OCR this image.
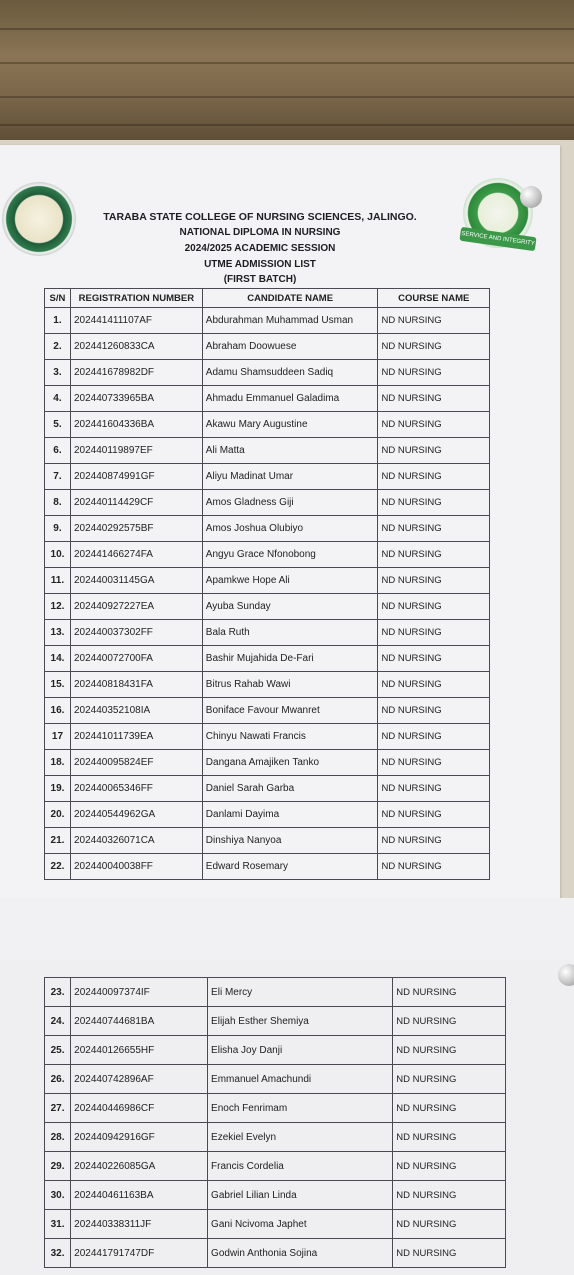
SERVICE AND INTEGRITY
TARABA STATE COLLEGE OF NURSING SCIENCES, JALINGO.
NATIONAL DIPLOMA IN NURSING
2024/2025 ACADEMIC SESSION
UTME ADMISSION LIST
(FIRST BATCH)
S/N	REGISTRATION NUMBER	CANDIDATE NAME	COURSE NAME
1.	202441411107AF	Abdurahman Muhammad Usman	ND NURSING
2.	202441260833CA	Abraham Doowuese	ND NURSING
3.	202441678982DF	Adamu Shamsuddeen Sadiq	ND NURSING
4.	202440733965BA	Ahmadu Emmanuel Galadima	ND NURSING
5.	202441604336BA	Akawu Mary Augustine	ND NURSING
6.	202440119897EF	Ali Matta	ND NURSING
7.	202440874991GF	Aliyu Madinat Umar	ND NURSING
8.	202440114429CF	Amos Gladness Giji	ND NURSING
9.	202440292575BF	Amos Joshua Olubiyo	ND NURSING
10.	202441466274FA	Angyu Grace Nfonobong	ND NURSING
11.	202440031145GA	Apamkwe Hope Ali	ND NURSING
12.	202440927227EA	Ayuba Sunday	ND NURSING
13.	202440037302FF	Bala Ruth	ND NURSING
14.	202440072700FA	Bashir Mujahida De-Fari	ND NURSING
15.	202440818431FA	Bitrus Rahab Wawi	ND NURSING
16.	202440352108IA	Boniface Favour Mwanret	ND NURSING
17	202441011739EA	Chinyu Nawati Francis	ND NURSING
18.	202440095824EF	Dangana Amajiken Tanko	ND NURSING
19.	202440065346FF	Daniel Sarah Garba	ND NURSING
20.	202440544962GA	Danlami Dayima	ND NURSING
21.	202440326071CA	Dinshiya Nanyoa	ND NURSING
22.	202440040038FF	Edward Rosemary	ND NURSING
23.	202440097374IF	Eli Mercy	ND NURSING
24.	202440744681BA	Elijah Esther Shemiya	ND NURSING
25.	202440126655HF	Elisha Joy Danji	ND NURSING
26.	202440742896AF	Emmanuel Amachundi	ND NURSING
27.	202440446986CF	Enoch Fenrimam	ND NURSING
28.	202440942916GF	Ezekiel Evelyn	ND NURSING
29.	202440226085GA	Francis Cordelia	ND NURSING
30.	202440461163BA	Gabriel Lilian Linda	ND NURSING
31.	202440338311JF	Gani Ncivoma Japhet	ND NURSING
32.	202441791747DF	Godwin Anthonia Sojina	ND NURSING
